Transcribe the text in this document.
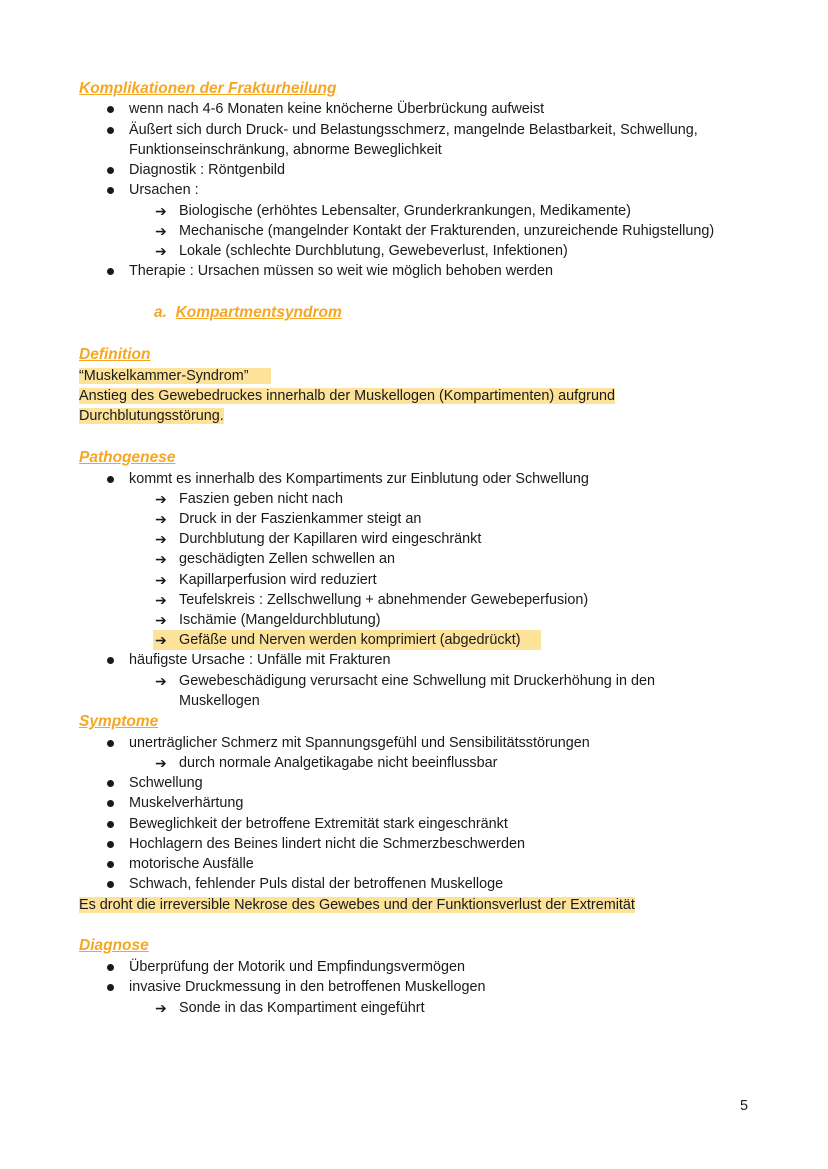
Komplikationen der Frakturheilung
wenn nach 4-6 Monaten keine knöcherne Überbrückung aufweist
Äußert sich durch Druck- und Belastungsschmerz, mangelnde Belastbarkeit, Schwellung,
Funktionseinschränkung, abnorme Beweglichkeit
Diagnostik : Röntgenbild
Ursachen :
➔ Biologische (erhöhtes Lebensalter, Grunderkrankungen, Medikamente)
➔ Mechanische (mangelnder Kontakt der Frakturenden, unzureichende Ruhigstellung)
➔ Lokale (schlechte Durchblutung, Gewebeverlust, Infektionen)
Therapie : Ursachen müssen so weit wie möglich behoben werden
a. Kompartmentsyndrom
Definition
“Muskelkammer-Syndrom”
Anstieg des Gewebedruckes innerhalb der Muskellogen (Kompartimenten) aufgrund
Durchblutungsstörung.
Pathogenese
kommt es innerhalb des Kompartiments zur Einblutung oder Schwellung
➔ Faszien geben nicht nach
➔ Druck in der Faszienkammer steigt an
➔ Durchblutung der Kapillaren wird eingeschränkt
➔ geschädigten Zellen schwellen an
➔ Kapillarperfusion wird reduziert
➔ Teufelskreis : Zellschwellung + abnehmender Gewebeperfusion)
➔ Ischämie (Mangeldurchblutung)
➔ Gefäße und Nerven werden komprimiert (abgedrückt)
häufigste Ursache : Unfälle mit Frakturen
➔ Gewebeschädigung verursacht eine Schwellung mit Druckerhöhung in den
Muskellogen
Symptome
unerträglicher Schmerz mit Spannungsgefühl und Sensibilitätsstörungen
➔ durch normale Analgetikagabe nicht beeinflussbar
Schwellung
Muskelverhärtung
Beweglichkeit der betroffene Extremität stark eingeschränkt
Hochlagern des Beines lindert nicht die Schmerzbeschwerden
motorische Ausfälle
Schwach, fehlender Puls distal der betroffenen Muskelloge
Es droht die irreversible Nekrose des Gewebes und der Funktionsverlust der Extremität
Diagnose
Überprüfung der Motorik und Empfindungsvermögen
invasive Druckmessung in den betroffenen Muskellogen
➔ Sonde in das Kompartiment eingeführt
5
